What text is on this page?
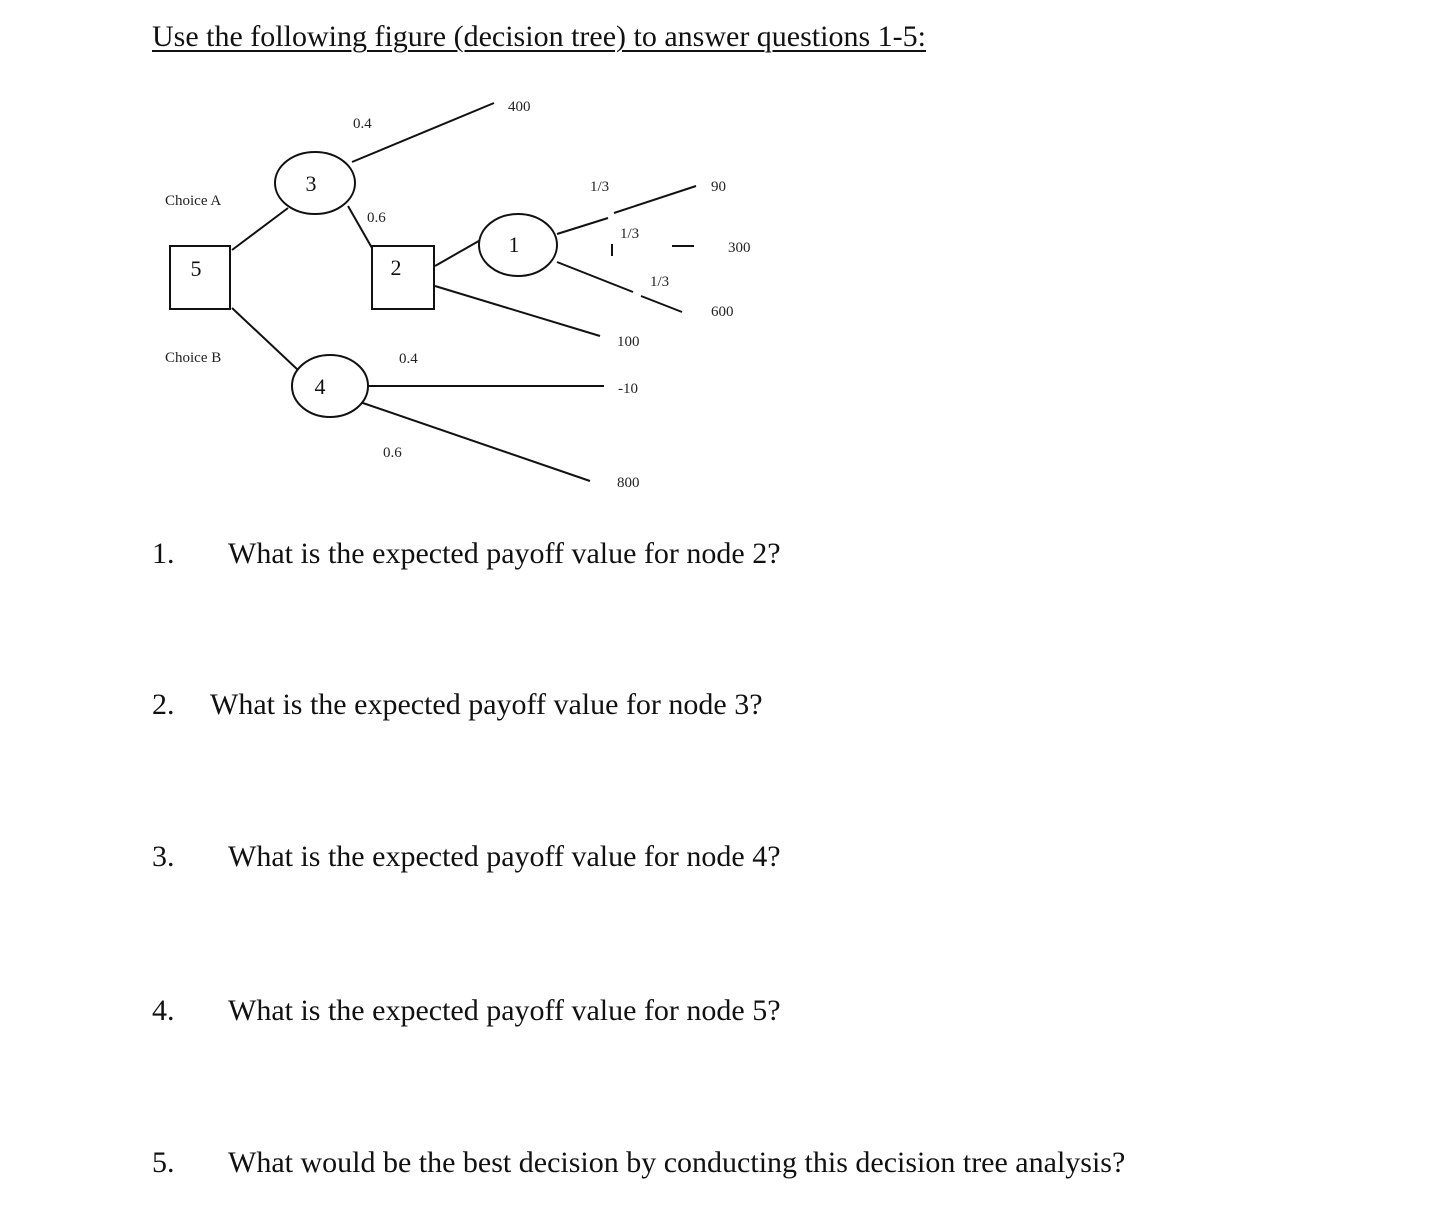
Use the following figure (decision tree) to answer questions 1-5:
5
3
2
1
4
Choice A
Choice B
0.4
0.6
1/3
1/3
1/3
0.4
0.6
400
90
300
600
100
-10
800
1. What is the expected payoff value for node 2?
2. What is the expected payoff value for node 3?
3. What is the expected payoff value for node 4?
4. What is the expected payoff value for node 5?
5. What would be the best decision by conducting this decision tree analysis?
